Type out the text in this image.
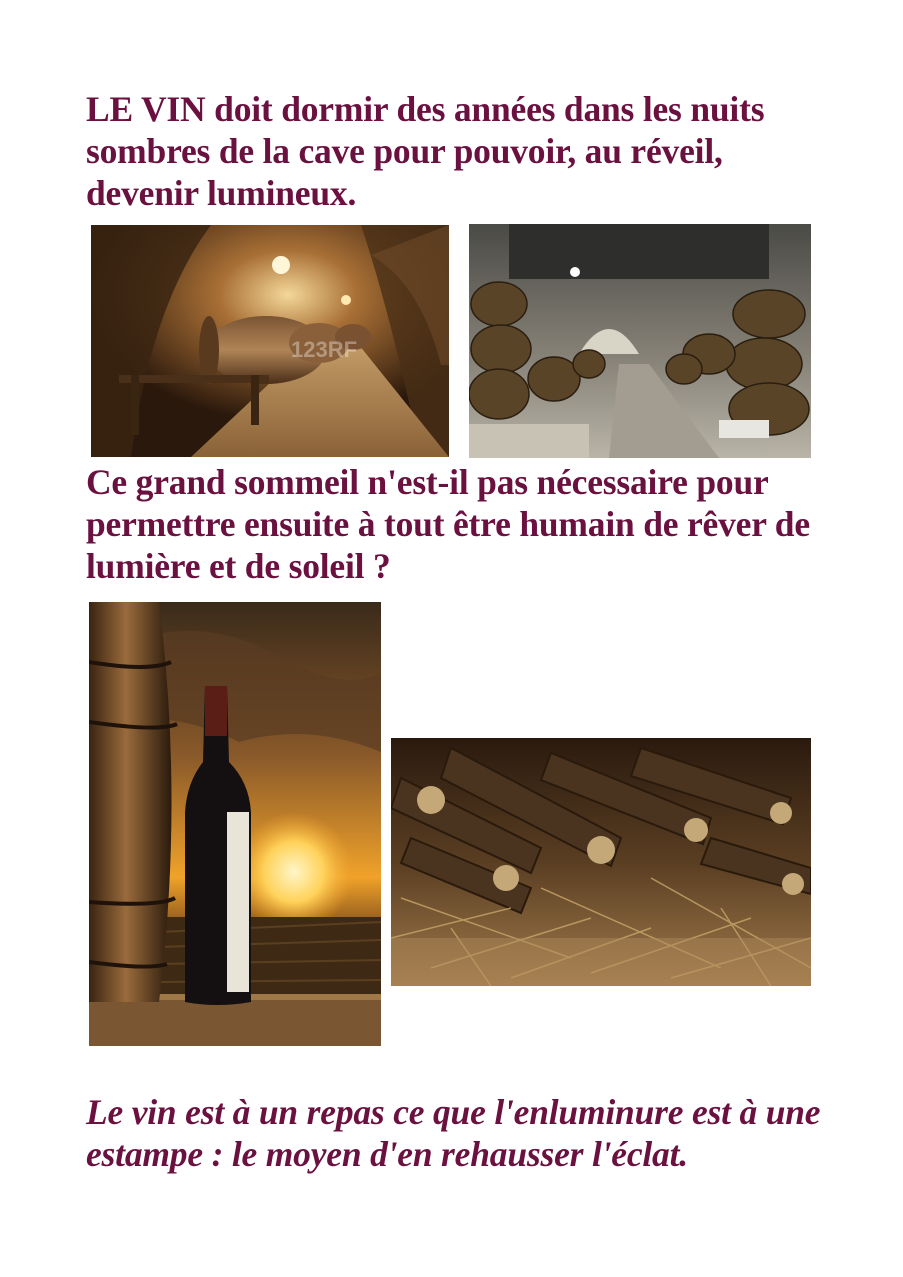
LE VIN doit dormir des années dans les nuits sombres de la cave pour pouvoir, au réveil, devenir lumineux.

123RF

Ce grand sommeil n'est-il pas nécessaire pour permettre ensuite à tout être humain de rêver de lumière et de soleil ?

Le vin est à un repas ce que l'enluminure est à une estampe : le moyen d'en rehausser l'éclat.
